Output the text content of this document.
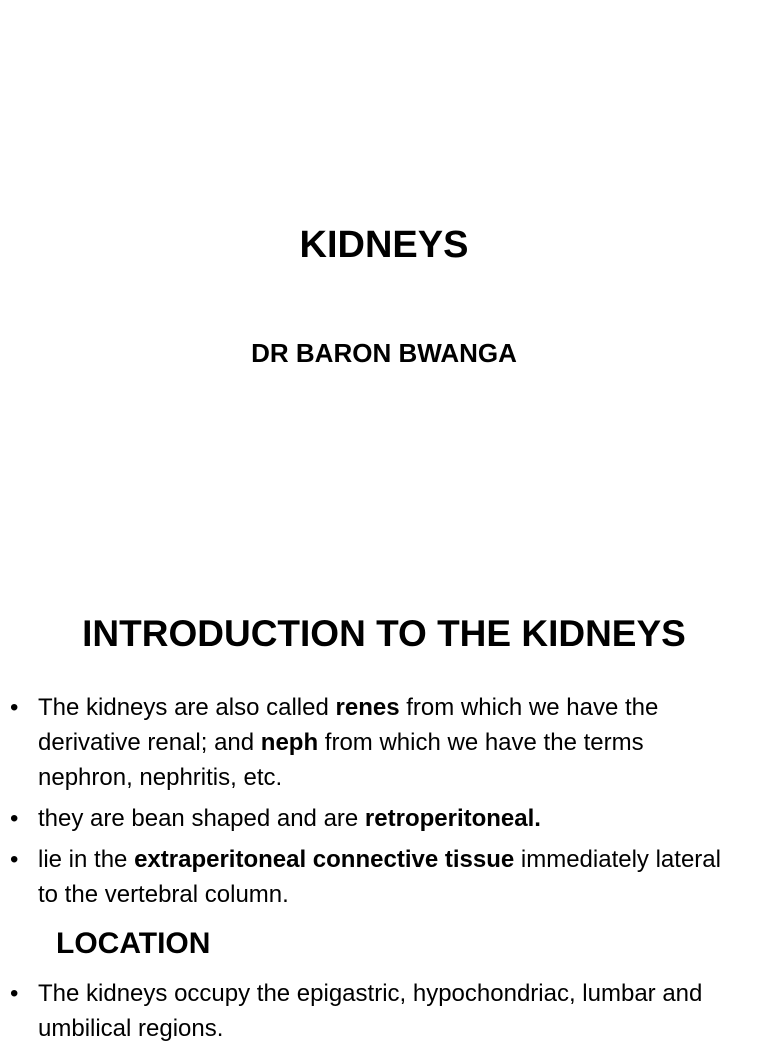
KIDNEYS
DR BARON BWANGA
INTRODUCTION TO THE KIDNEYS
• The kidneys are also called renes from which we have the derivative renal; and neph from which we have the terms nephron, nephritis, etc.
• they are bean shaped and are retroperitoneal.
• lie in the extraperitoneal connective tissue immediately lateral to the vertebral column.
LOCATION
• The kidneys occupy the epigastric, hypochondriac, lumbar and umbilical regions.
